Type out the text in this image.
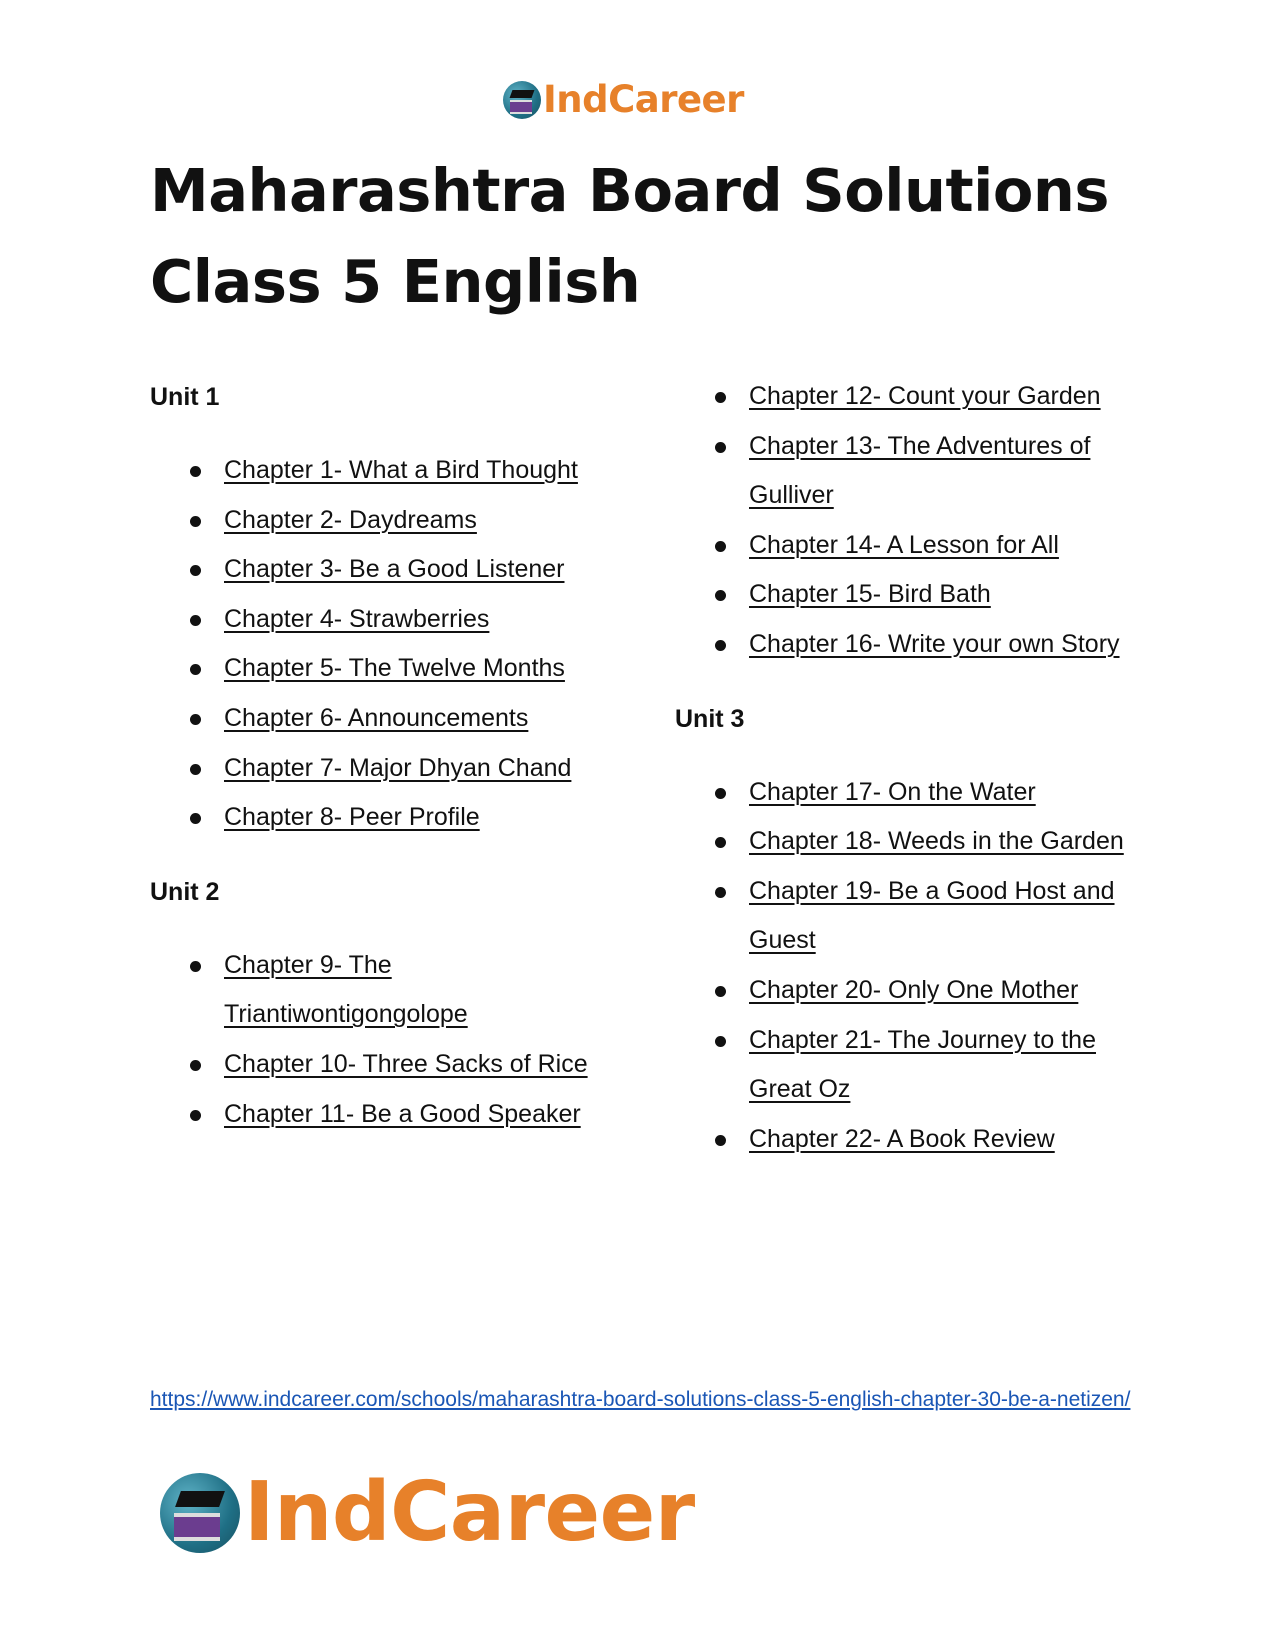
IndCareer
Maharashtra Board Solutions
Class 5 English
Unit 1
Chapter 1- What a Bird Thought
Chapter 2- Daydreams
Chapter 3- Be a Good Listener
Chapter 4- Strawberries
Chapter 5- The Twelve Months
Chapter 6- Announcements
Chapter 7- Major Dhyan Chand
Chapter 8- Peer Profile
Unit 2
Chapter 9- The Triantiwontigongolope
Chapter 10- Three Sacks of Rice
Chapter 11- Be a Good Speaker
Chapter 12- Count your Garden
Chapter 13- The Adventures of Gulliver
Chapter 14- A Lesson for All
Chapter 15- Bird Bath
Chapter 16- Write your own Story
Unit 3
Chapter 17- On the Water
Chapter 18- Weeds in the Garden
Chapter 19- Be a Good Host and Guest
Chapter 20- Only One Mother
Chapter 21- The Journey to the Great Oz
Chapter 22- A Book Review
https://www.indcareer.com/schools/maharashtra-board-solutions-class-5-english-chapter-30-be-a-netizen/
IndCareer
